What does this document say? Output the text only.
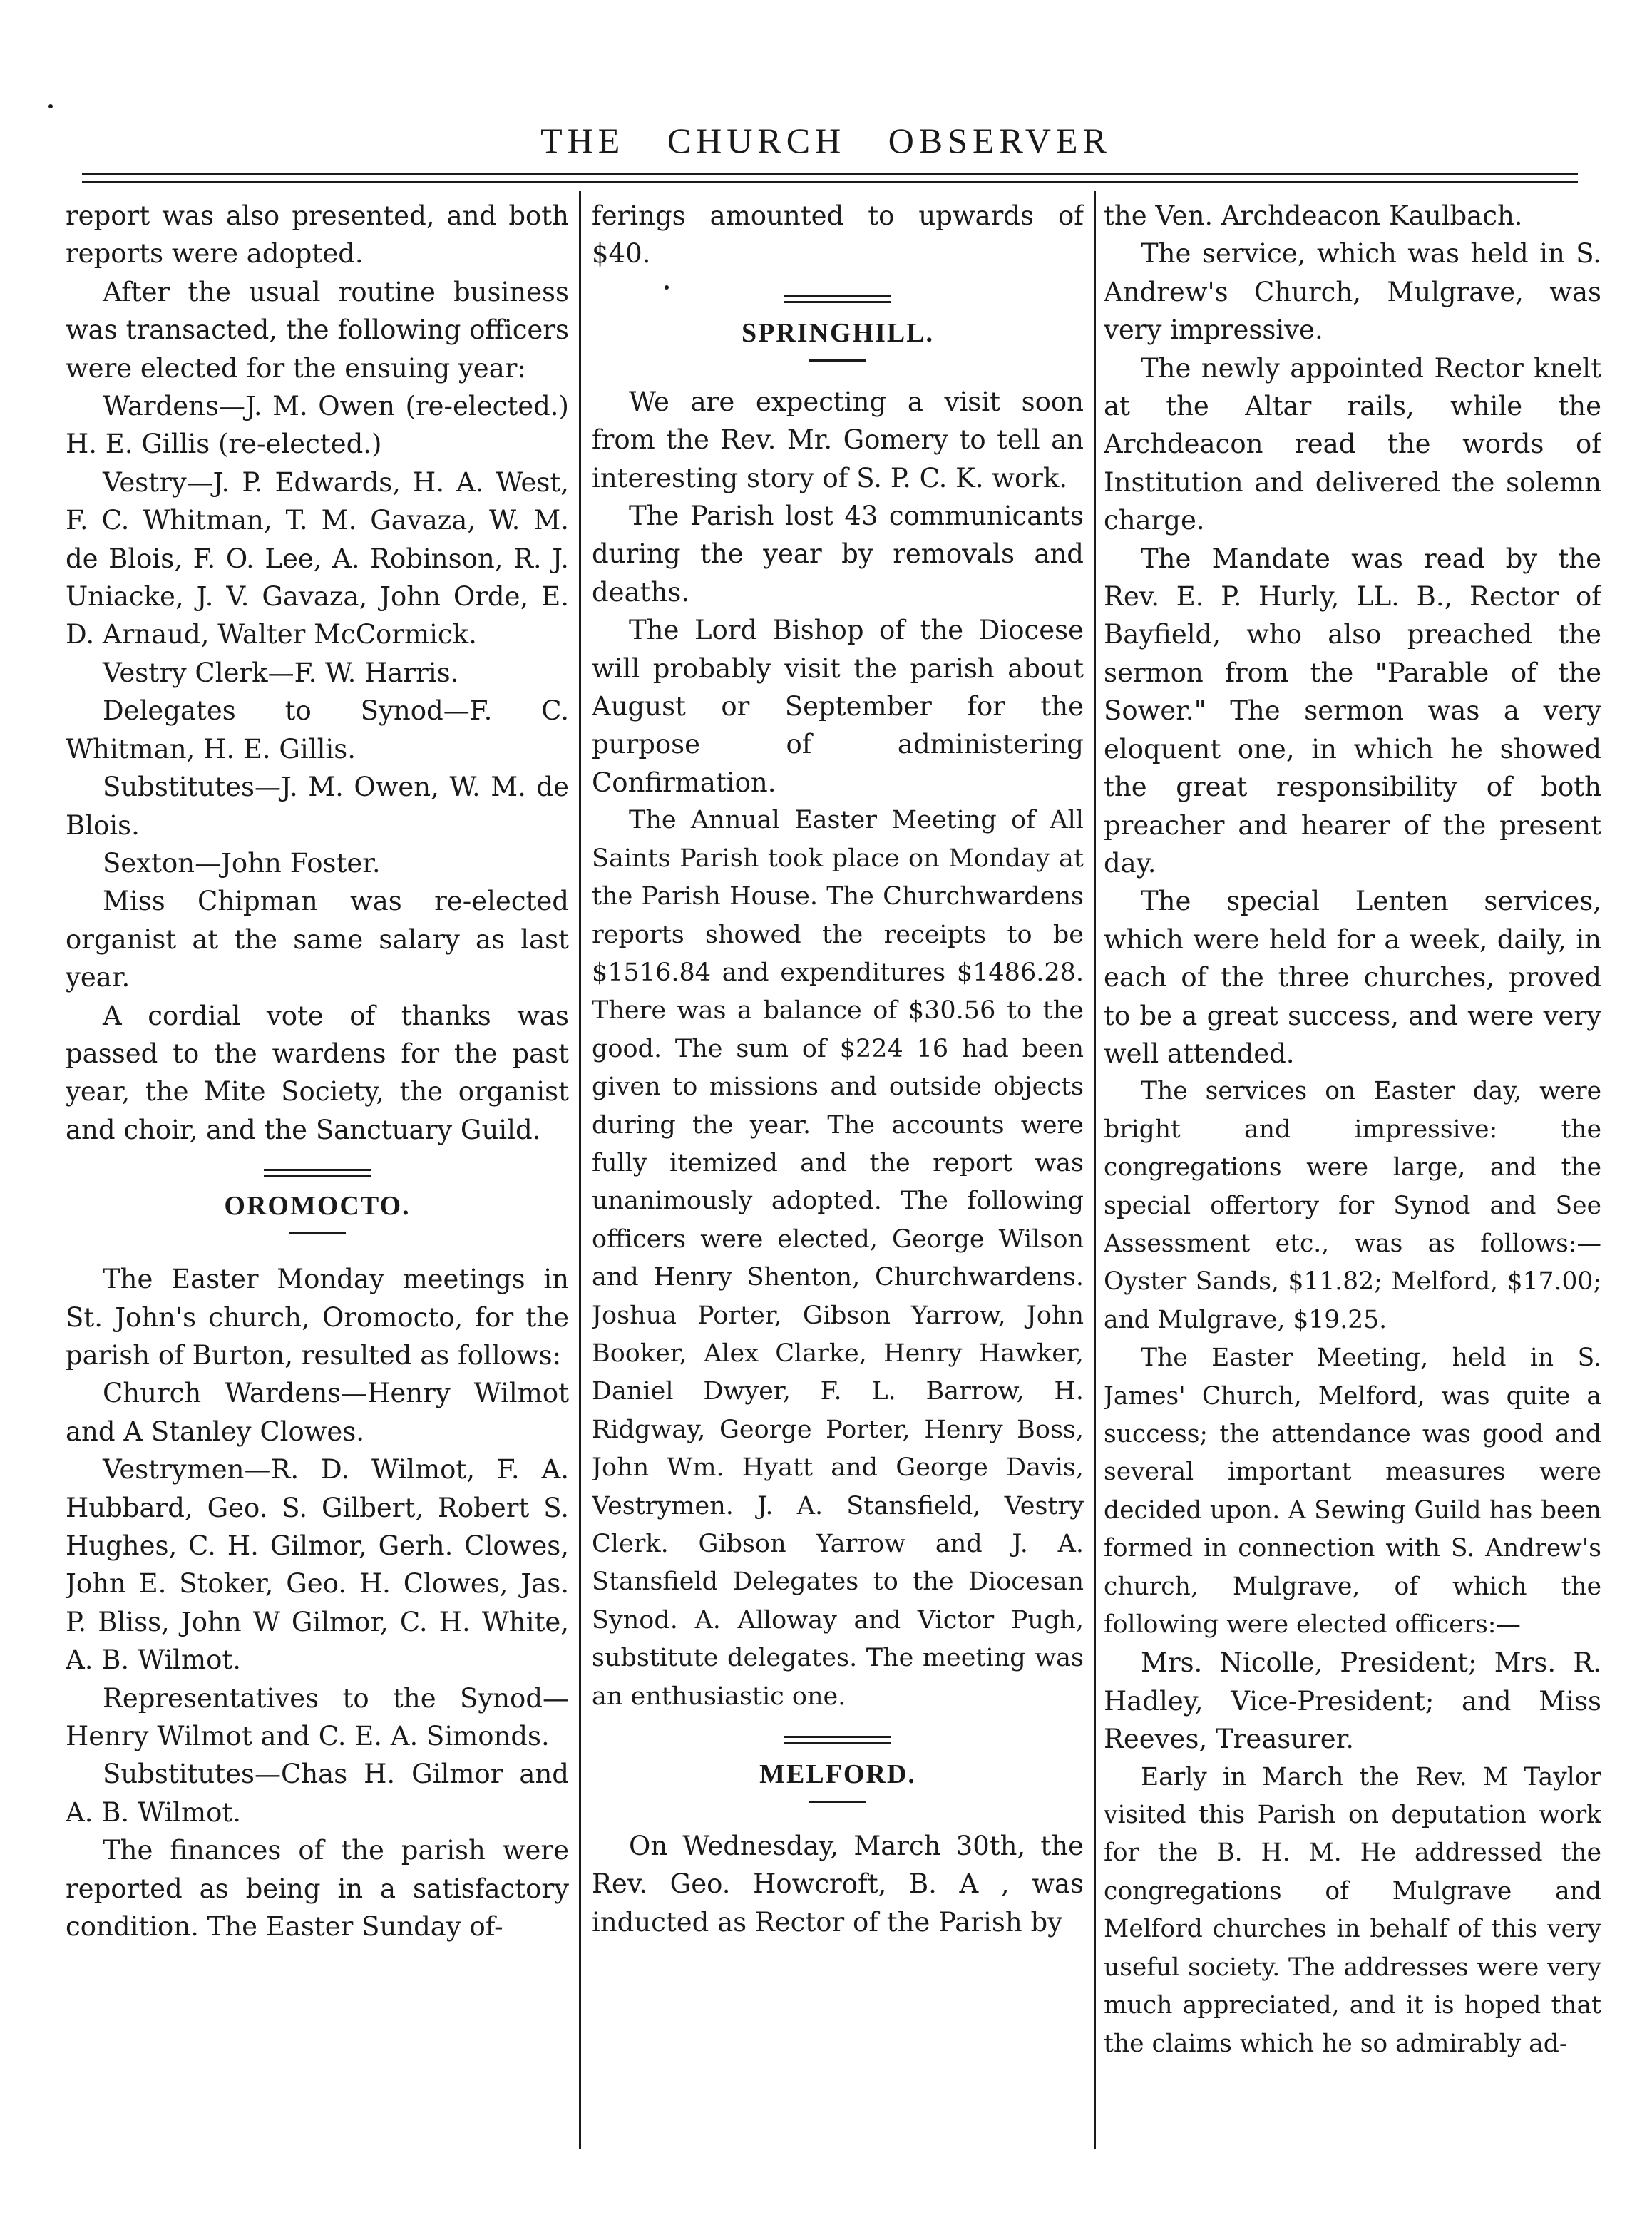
THE CHURCH OBSERVER

report was also presented, and both reports were adopted.

After the usual routine business was transacted, the following officers were elected for the ensuing year:

Wardens—J. M. Owen (re-elected.) H. E. Gillis (re-elected.)

Vestry—J. P. Edwards, H. A. West, F. C. Whitman, T. M. Gavaza, W. M. de Blois, F. O. Lee, A. Robinson, R. J. Uniacke, J. V. Gavaza, John Orde, E. D. Arnaud, Walter McCormick.

Vestry Clerk—F. W. Harris.

Delegates to Synod—F. C. Whitman, H. E. Gillis.

Substitutes—J. M. Owen, W. M. de Blois.

Sexton—John Foster.

Miss Chipman was re-elected organist at the same salary as last year.

A cordial vote of thanks was passed to the wardens for the past year, the Mite Society, the organist and choir, and the Sanctuary Guild.

OROMOCTO.

The Easter Monday meetings in St. John's church, Oromocto, for the parish of Burton, resulted as follows:

Church Wardens—Henry Wilmot and A Stanley Clowes.

Vestrymen—R. D. Wilmot, F. A. Hubbard, Geo. S. Gilbert, Robert S. Hughes, C. H. Gilmor, Gerh. Clowes, John E. Stoker, Geo. H. Clowes, Jas. P. Bliss, John W Gilmor, C. H. White, A. B. Wilmot.

Representatives to the Synod—Henry Wilmot and C. E. A. Simonds.

Substitutes—Chas H. Gilmor and A. B. Wilmot.

The finances of the parish were reported as being in a satisfactory condition. The Easter Sunday of-

ferings amounted to upwards of $40.

SPRINGHILL.

We are expecting a visit soon from the Rev. Mr. Gomery to tell an interesting story of S. P. C. K. work.

The Parish lost 43 communicants during the year by removals and deaths.

The Lord Bishop of the Diocese will probably visit the parish about August or September for the purpose of administering Confirmation.

The Annual Easter Meeting of All Saints Parish took place on Monday at the Parish House. The Churchwardens reports showed the receipts to be $1516.84 and expenditures $1486.28. There was a balance of $30.56 to the good. The sum of $224 16 had been given to missions and outside objects during the year. The accounts were fully itemized and the report was unanimously adopted. The following officers were elected, George Wilson and Henry Shenton, Churchwardens. Joshua Porter, Gibson Yarrow, John Booker, Alex Clarke, Henry Hawker, Daniel Dwyer, F. L. Barrow, H. Ridgway, George Porter, Henry Boss, John Wm. Hyatt and George Davis, Vestrymen. J. A. Stansfield, Vestry Clerk. Gibson Yarrow and J. A. Stansfield Delegates to the Diocesan Synod. A. Alloway and Victor Pugh, substitute delegates. The meeting was an enthusiastic one.

MELFORD.

On Wednesday, March 30th, the Rev. Geo. Howcroft, B. A , was inducted as Rector of the Parish by

the Ven. Archdeacon Kaulbach.

The service, which was held in S. Andrew's Church, Mulgrave, was very impressive.

The newly appointed Rector knelt at the Altar rails, while the Archdeacon read the words of Institution and delivered the solemn charge.

The Mandate was read by the Rev. E. P. Hurly, LL. B., Rector of Bayfield, who also preached the sermon from the "Parable of the Sower." The sermon was a very eloquent one, in which he showed the great responsibility of both preacher and hearer of the present day.

The special Lenten services, which were held for a week, daily, in each of the three churches, proved to be a great success, and were very well attended.

The services on Easter day, were bright and impressive: the congregations were large, and the special offertory for Synod and See Assessment etc., was as follows:—Oyster Sands, $11.82; Melford, $17.00; and Mulgrave, $19.25.

The Easter Meeting, held in S. James' Church, Melford, was quite a success; the attendance was good and several important measures were decided upon. A Sewing Guild has been formed in connection with S. Andrew's church, Mulgrave, of which the following were elected officers:—

Mrs. Nicolle, President; Mrs. R. Hadley, Vice-President; and Miss Reeves, Treasurer.

Early in March the Rev. M Taylor visited this Parish on deputation work for the B. H. M. He addressed the congregations of Mulgrave and Melford churches in behalf of this very useful society. The addresses were very much appreciated, and it is hoped that the claims which he so admirably ad-
